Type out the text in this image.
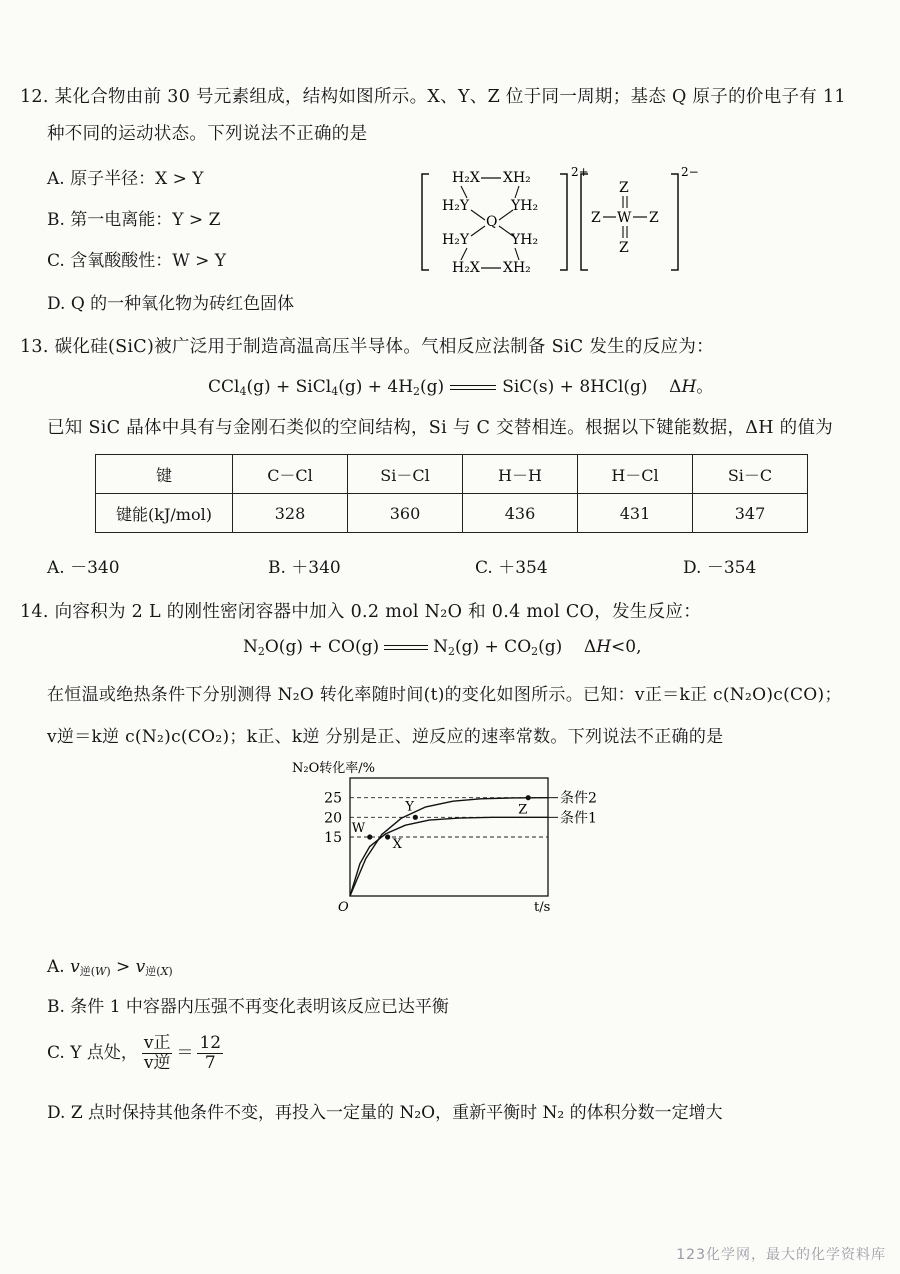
12. 某化合物由前 30 号元素组成，结构如图所示。X、Y、Z 位于同一周期；基态 Q 原子的价电子有 11
种不同的运动状态。下列说法不正确的是
A. 原子半径：X > Y
B. 第一电离能：Y > Z
C. 含氧酸酸性：W > Y
D. Q 的一种氧化物为砖红色固体
2+
H₂X XH₂
H₂Y	YH₂
Q
H₂Y	YH₂
H₂X XH₂
2−
Z
Z W Z
Z
13. 碳化硅(SiC)被广泛用于制造高温高压半导体。气相反应法制备 SiC 发生的反应为：
CCl$_4$(g) + SiCl$_4$(g) + $4H_2(g)$	SiC(s) + 8HCl(g)    ΔH。
已知 SiC 晶体中具有与金刚石类似的空间结构，Si 与 C 交替相连。根据以下键能数据，ΔH 的值为
键	C－Cl	Si－Cl	H－H	H－Cl	Si－C
键能(kJ/mol)	328	360	436	431	347
A. －340	B. ＋340	C. ＋354	D. －354
14. 向容积为 2 L 的刚性密闭容器中加入 0.2 mol N₂O 和 0.4 mol CO，发生反应：
$N_2O(g) + CO(g)$	$N_2(g) + CO_2(g)$    ΔH<0,
在恒温或绝热条件下分别测得 N₂O 转化率随时间(t)的变化如图所示。已知：v正＝k正 c(N₂O)c(CO)；
v逆＝k逆 c(N₂)c(CO₂)；k正、k逆 分别是正、逆反应的速率常数。下列说法不正确的是
N₂O转化率/%
15
20
25	条件2
条件1
W
X
Y	Z
O	t/s
A. $v_{逆(W)} > v_{逆(X)}$
B. 条件 1 中容器内压强不再变化表明该反应已达平衡
C. Y 点处， $\frac{\text{v正}}{\text{v逆}} = \frac{12}{7}$
D. Z 点时保持其他条件不变，再投入一定量的 N₂O，重新平衡时 N₂ 的体积分数一定增大
123化学网，最大的化学资料库
